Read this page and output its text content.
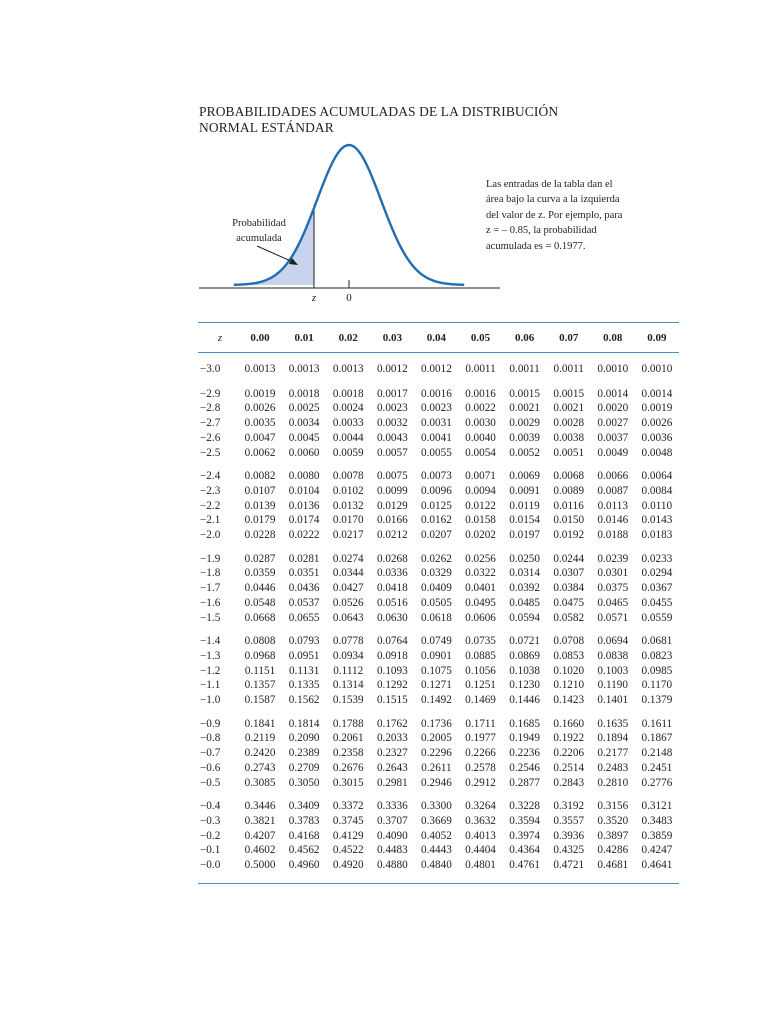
PROBABILIDADES ACUMULADAS DE LA DISTRIBUCIÓN NORMAL ESTÁNDAR
Probabilidad
acumulada
z	0
Las entradas de la tabla dan el área bajo la curva a la izquierda del valor de z. Por ejemplo, para z = – 0.85, la probabilidad acumulada es = 0.1977.
z	0.00	0.01	0.02	0.03	0.04	0.05	0.06	0.07	0.08	0.09
−3.0	0.0013	0.0013	0.0013	0.0012	0.0012	0.0011	0.0011	0.0011	0.0010	0.0010
−2.9	0.0019	0.0018	0.0018	0.0017	0.0016	0.0016	0.0015	0.0015	0.0014	0.0014
−2.8	0.0026	0.0025	0.0024	0.0023	0.0023	0.0022	0.0021	0.0021	0.0020	0.0019
−2.7	0.0035	0.0034	0.0033	0.0032	0.0031	0.0030	0.0029	0.0028	0.0027	0.0026
−2.6	0.0047	0.0045	0.0044	0.0043	0.0041	0.0040	0.0039	0.0038	0.0037	0.0036
−2.5	0.0062	0.0060	0.0059	0.0057	0.0055	0.0054	0.0052	0.0051	0.0049	0.0048
−2.4	0.0082	0.0080	0.0078	0.0075	0.0073	0.0071	0.0069	0.0068	0.0066	0.0064
−2.3	0.0107	0.0104	0.0102	0.0099	0.0096	0.0094	0.0091	0.0089	0.0087	0.0084
−2.2	0.0139	0.0136	0.0132	0.0129	0.0125	0.0122	0.0119	0.0116	0.0113	0.0110
−2.1	0.0179	0.0174	0.0170	0.0166	0.0162	0.0158	0.0154	0.0150	0.0146	0.0143
−2.0	0.0228	0.0222	0.0217	0.0212	0.0207	0.0202	0.0197	0.0192	0.0188	0.0183
−1.9	0.0287	0.0281	0.0274	0.0268	0.0262	0.0256	0.0250	0.0244	0.0239	0.0233
−1.8	0.0359	0.0351	0.0344	0.0336	0.0329	0.0322	0.0314	0.0307	0.0301	0.0294
−1.7	0.0446	0.0436	0.0427	0.0418	0.0409	0.0401	0.0392	0.0384	0.0375	0.0367
−1.6	0.0548	0.0537	0.0526	0.0516	0.0505	0.0495	0.0485	0.0475	0.0465	0.0455
−1.5	0.0668	0.0655	0.0643	0.0630	0.0618	0.0606	0.0594	0.0582	0.0571	0.0559
−1.4	0.0808	0.0793	0.0778	0.0764	0.0749	0.0735	0.0721	0.0708	0.0694	0.0681
−1.3	0.0968	0.0951	0.0934	0.0918	0.0901	0.0885	0.0869	0.0853	0.0838	0.0823
−1.2	0.1151	0.1131	0.1112	0.1093	0.1075	0.1056	0.1038	0.1020	0.1003	0.0985
−1.1	0.1357	0.1335	0.1314	0.1292	0.1271	0.1251	0.1230	0.1210	0.1190	0.1170
−1.0	0.1587	0.1562	0.1539	0.1515	0.1492	0.1469	0.1446	0.1423	0.1401	0.1379
−0.9	0.1841	0.1814	0.1788	0.1762	0.1736	0.1711	0.1685	0.1660	0.1635	0.1611
−0.8	0.2119	0.2090	0.2061	0.2033	0.2005	0.1977	0.1949	0.1922	0.1894	0.1867
−0.7	0.2420	0.2389	0.2358	0.2327	0.2296	0.2266	0.2236	0.2206	0.2177	0.2148
−0.6	0.2743	0.2709	0.2676	0.2643	0.2611	0.2578	0.2546	0.2514	0.2483	0.2451
−0.5	0.3085	0.3050	0.3015	0.2981	0.2946	0.2912	0.2877	0.2843	0.2810	0.2776
−0.4	0.3446	0.3409	0.3372	0.3336	0.3300	0.3264	0.3228	0.3192	0.3156	0.3121
−0.3	0.3821	0.3783	0.3745	0.3707	0.3669	0.3632	0.3594	0.3557	0.3520	0.3483
−0.2	0.4207	0.4168	0.4129	0.4090	0.4052	0.4013	0.3974	0.3936	0.3897	0.3859
−0.1	0.4602	0.4562	0.4522	0.4483	0.4443	0.4404	0.4364	0.4325	0.4286	0.4247
−0.0	0.5000	0.4960	0.4920	0.4880	0.4840	0.4801	0.4761	0.4721	0.4681	0.4641
